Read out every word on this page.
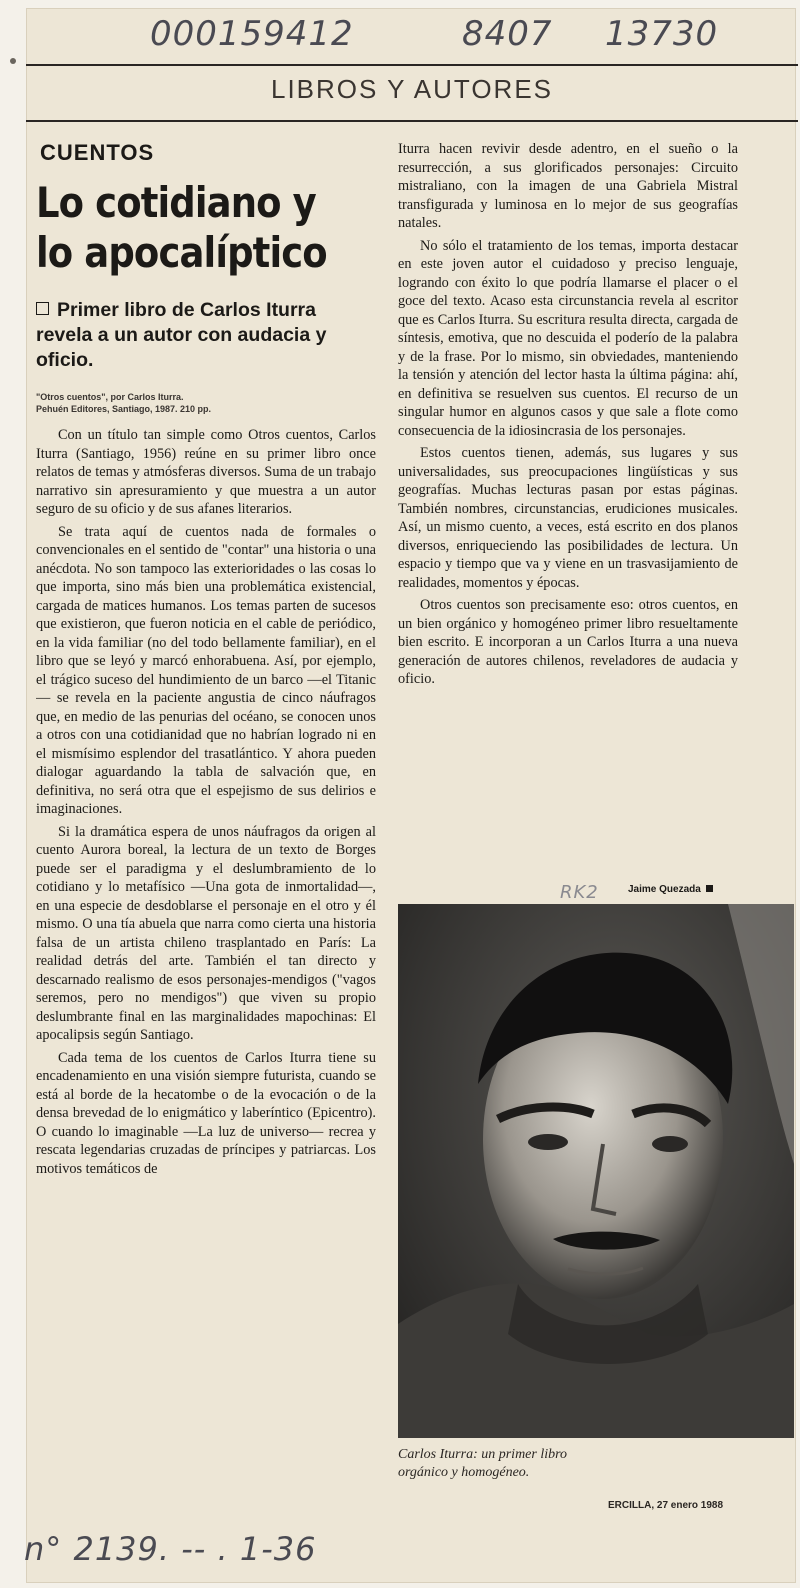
000159412	8407 13730
LIBROS Y AUTORES
CUENTOS
Lo cotidiano y
lo apocalíptico
Primer libro de Carlos Iturra revela a un autor con audacia y oficio.
"Otros cuentos", por Carlos Iturra.
Pehuén Editores, Santiago, 1987. 210 pp.

Con un título tan simple como Otros cuentos, Carlos Iturra (Santiago, 1956) reúne en su primer libro once relatos de temas y atmósferas diversos. Suma de un trabajo narrativo sin apresuramiento y que muestra a un autor seguro de su oficio y de sus afanes literarios.

Se trata aquí de cuentos nada de formales o convencionales en el sentido de "contar" una historia o una anécdota. No son tampoco las exterioridades o las cosas lo que importa, sino más bien una problemática existencial, cargada de matices humanos. Los temas parten de sucesos que existieron, que fueron noticia en el cable de periódico, en la vida familiar (no del todo bellamente familiar), en el libro que se leyó y marcó enhorabuena. Así, por ejemplo, el trágico suceso del hundimiento de un barco —el Titanic— se revela en la paciente angustia de cinco náufragos que, en medio de las penurias del océano, se conocen unos a otros con una cotidianidad que no habrían logrado ni en el mismísimo esplendor del trasatlántico. Y ahora pueden dialogar aguardando la tabla de salvación que, en definitiva, no será otra que el espejismo de sus delirios e imaginaciones.

Si la dramática espera de unos náufragos da origen al cuento Aurora boreal, la lectura de un texto de Borges puede ser el paradigma y el deslumbramiento de lo cotidiano y lo metafísico —Una gota de inmortalidad—, en una especie de desdoblarse el personaje en el otro y él mismo. O una tía abuela que narra como cierta una historia falsa de un artista chileno trasplantado en París: La realidad detrás del arte. También el tan directo y descarnado realismo de esos personajes-mendigos ("vagos seremos, pero no mendigos") que viven su propio deslumbrante final en las marginalidades mapochinas: El apocalipsis según Santiago.

Cada tema de los cuentos de Carlos Iturra tiene su encadenamiento en una visión siempre futurista, cuando se está al borde de la hecatombe o de la evocación o de la densa brevedad de lo enigmático y laberíntico (Epicentro). O cuando lo imaginable —La luz de universo— recrea y rescata legendarias cruzadas de príncipes y patriarcas. Los motivos temáticos de

Iturra hacen revivir desde adentro, en el sueño o la resurrección, a sus glorificados personajes: Circuito mistraliano, con la imagen de una Gabriela Mistral transfigurada y luminosa en lo mejor de sus geografías natales.

No sólo el tratamiento de los temas, importa destacar en este joven autor el cuidadoso y preciso lenguaje, logrando con éxito lo que podría llamarse el placer o el goce del texto. Acaso esta circunstancia revela al escritor que es Carlos Iturra. Su escritura resulta directa, cargada de síntesis, emotiva, que no descuida el poderío de la palabra y de la frase. Por lo mismo, sin obviedades, manteniendo la tensión y atención del lector hasta la última página: ahí, en definitiva se resuelven sus cuentos. El recurso de un singular humor en algunos casos y que sale a flote como consecuencia de la idiosincrasia de los personajes.

Estos cuentos tienen, además, sus lugares y sus universalidades, sus preocupaciones lingüísticas y sus geografías. Muchas lecturas pasan por estas páginas. También nombres, circunstancias, erudiciones musicales. Así, un mismo cuento, a veces, está escrito en dos planos diversos, enriqueciendo las posibilidades de lectura. Un espacio y tiempo que va y viene en un trasvasijamiento de realidades, momentos y épocas.

Otros cuentos son precisamente eso: otros cuentos, en un bien orgánico y homogéneo primer libro resueltamente bien escrito. E incorporan a un Carlos Iturra a una nueva generación de autores chilenos, reveladores de audacia y oficio.

RK2	Jaime Quezada
Carlos Iturra: un primer libro
orgánico y homogéneo.
ERCILLA, 27 enero 1988
n° 2139. -- . 1-36
